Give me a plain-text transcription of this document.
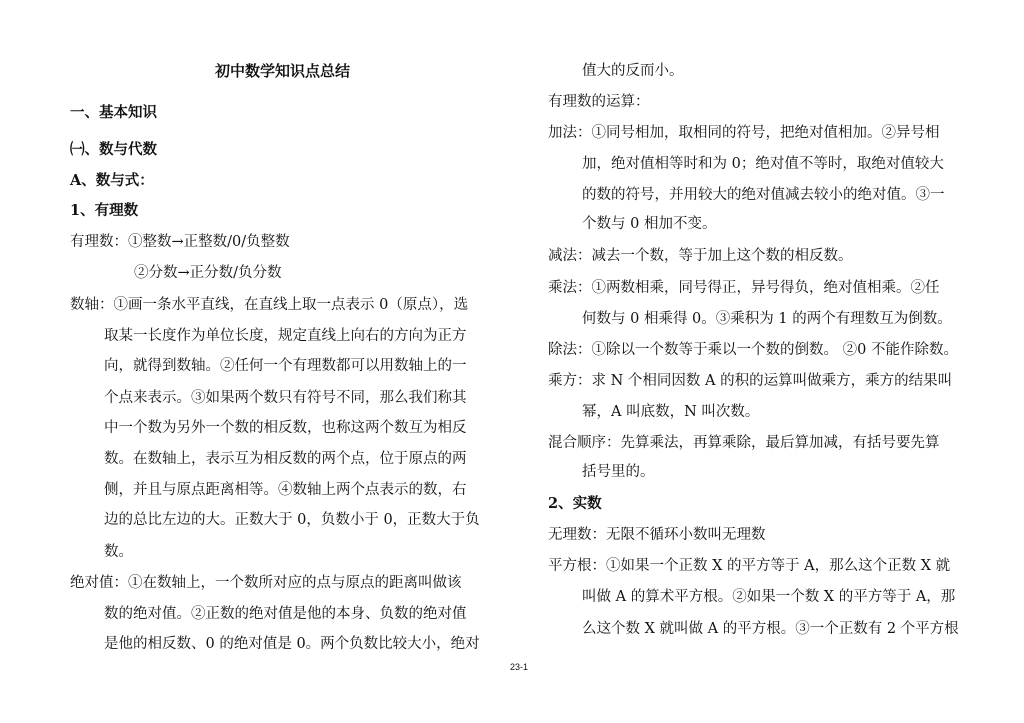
初中数学知识点总结
一、基本知识
㈠、数与代数
A、数与式：
1、有理数
有理数：①整数→正整数/0/负整数
②分数→正分数/负分数
数轴：①画一条水平直线，在直线上取一点表示 0（原点），选
取某一长度作为单位长度，规定直线上向右的方向为正方
向，就得到数轴。②任何一个有理数都可以用数轴上的一
个点来表示。③如果两个数只有符号不同，那么我们称其
中一个数为另外一个数的相反数，也称这两个数互为相反
数。在数轴上，表示互为相反数的两个点，位于原点的两
侧，并且与原点距离相等。④数轴上两个点表示的数，右
边的总比左边的大。正数大于 0，负数小于 0，正数大于负
数。
绝对值：①在数轴上，一个数所对应的点与原点的距离叫做该
数的绝对值。②正数的绝对值是他的本身、负数的绝对值
是他的相反数、0 的绝对值是 0。两个负数比较大小，绝对
值大的反而小。
有理数的运算：
加法：①同号相加，取相同的符号，把绝对值相加。②异号相
加，绝对值相等时和为 0；绝对值不等时，取绝对值较大
的数的符号，并用较大的绝对值减去较小的绝对值。③一
个数与 0 相加不变。
减法：减去一个数，等于加上这个数的相反数。
乘法：①两数相乘，同号得正，异号得负，绝对值相乘。②任
何数与 0 相乘得 0。③乘积为 1 的两个有理数互为倒数。
除法：①除以一个数等于乘以一个数的倒数。 ②0 不能作除数。
乘方：求 N 个相同因数 A 的积的运算叫做乘方，乘方的结果叫
幂，A 叫底数，N 叫次数。
混合顺序：先算乘法，再算乘除，最后算加减，有括号要先算
括号里的。
2、实数
无理数：无限不循环小数叫无理数
平方根：①如果一个正数 X 的平方等于 A，那么这个正数 X 就
叫做 A 的算术平方根。②如果一个数 X 的平方等于 A，那
么这个数 X 就叫做 A 的平方根。③一个正数有 2 个平方根
23-1
